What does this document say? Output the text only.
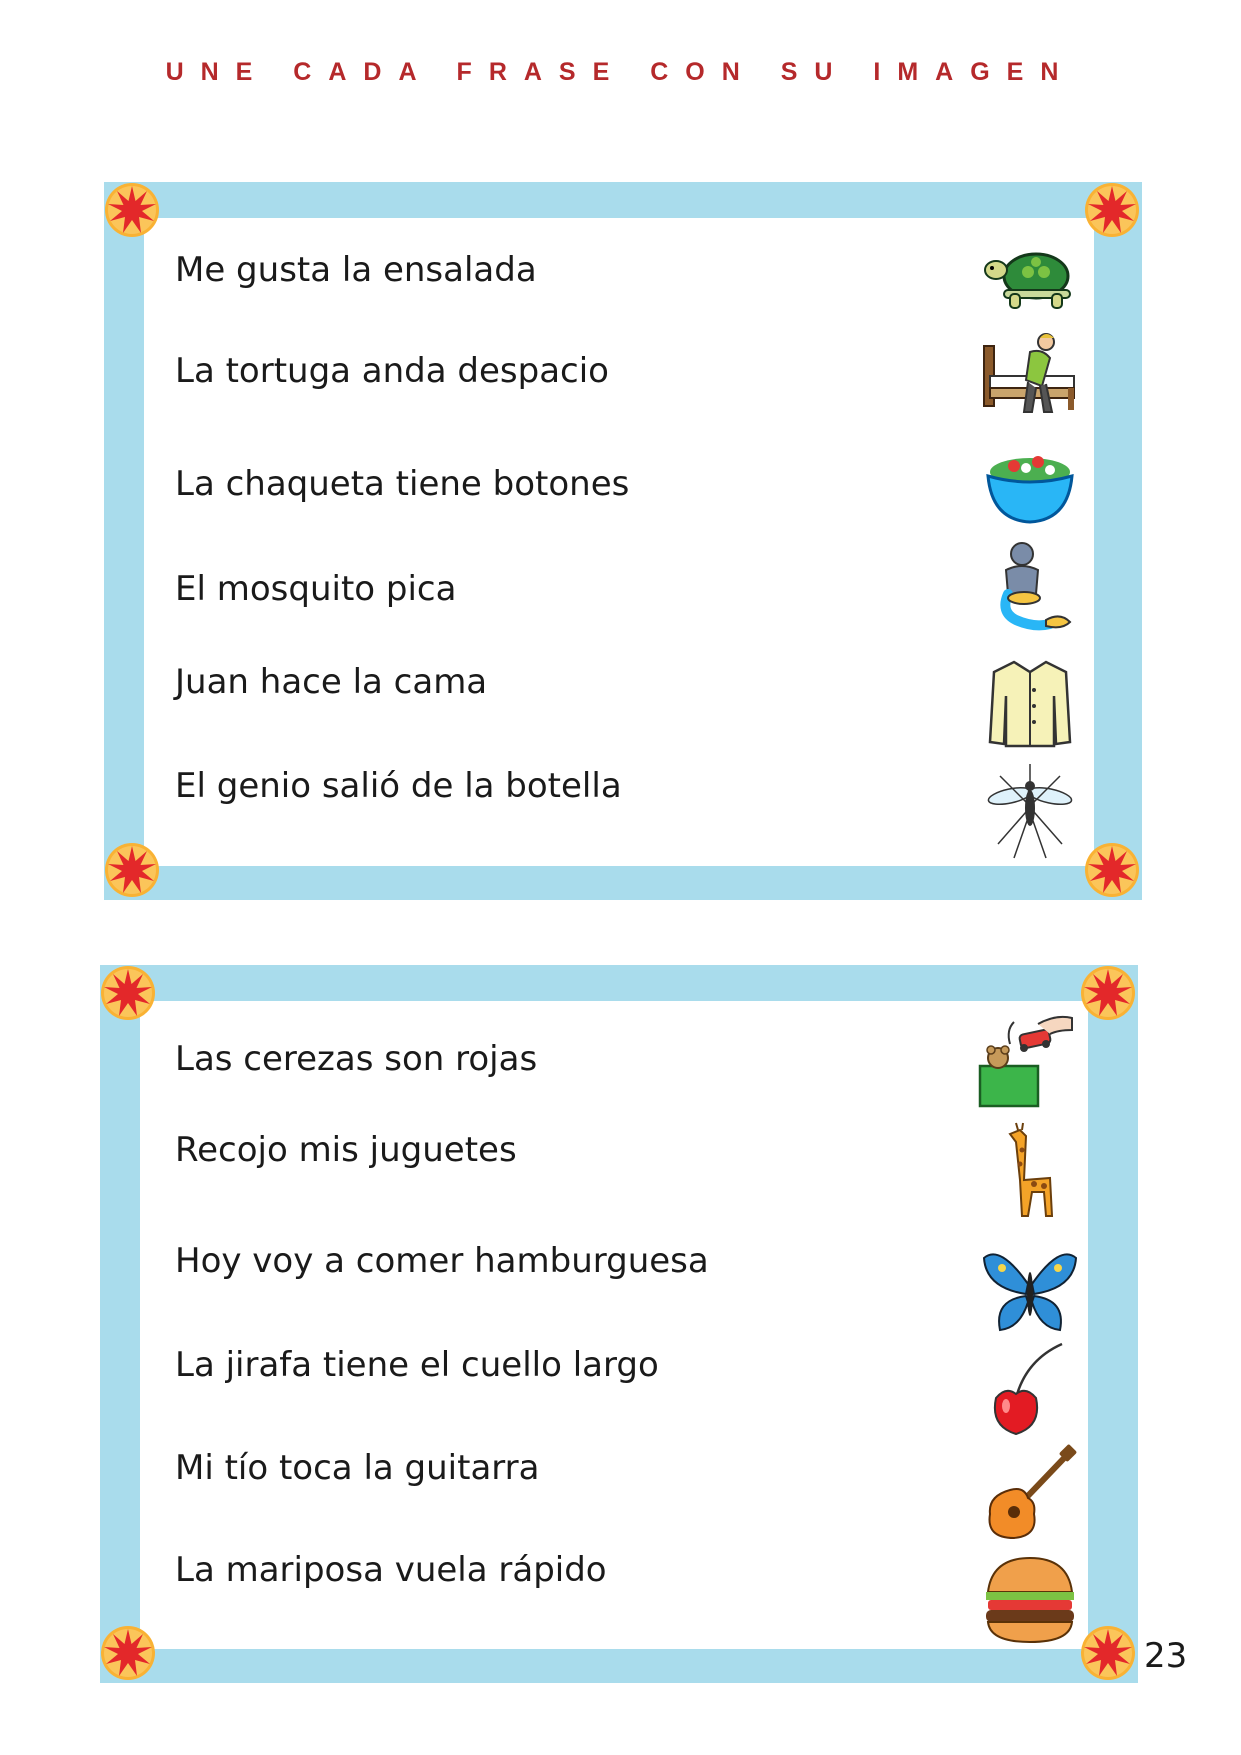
UNE CADA FRASE CON SU IMAGEN
Me gusta la ensalada
La tortuga anda despacio
La chaqueta tiene botones
El mosquito pica
Juan hace la cama
El genio salió de la botella
Las cerezas son rojas
Recojo mis juguetes
Hoy voy a comer hamburguesa
La jirafa tiene el cuello largo
Mi tío toca la guitarra
La mariposa vuela rápido
23
